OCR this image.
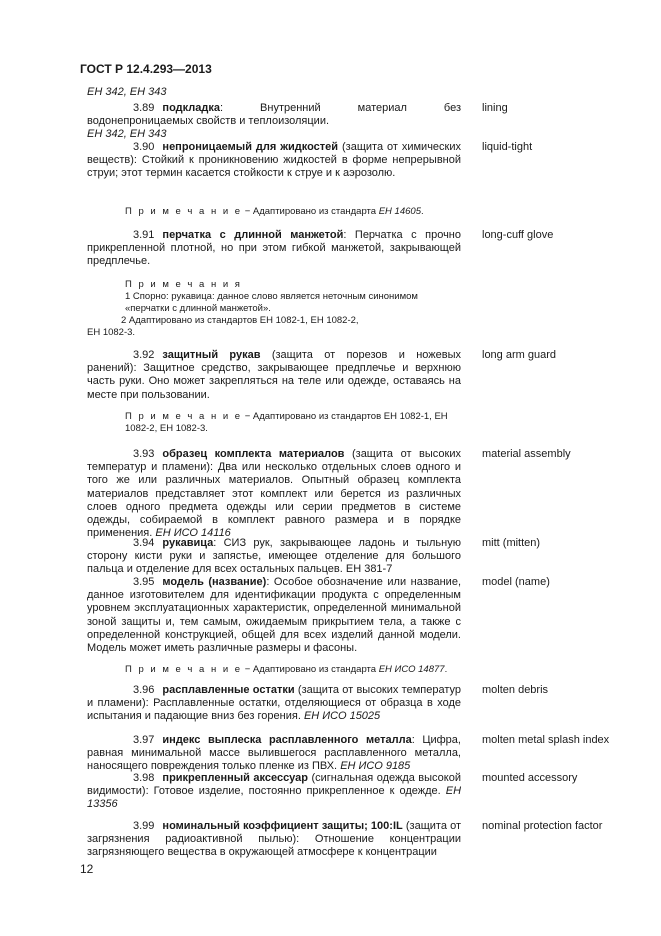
ГОСТ Р 12.4.293—2013
ЕН 342, ЕН 343
3.89 подкладка: Внутренний материал без водонепроницаемых свойств и теплоизоляции.
ЕН 342, ЕН 343
lining
3.90 непроницаемый для жидкостей (защита от химических веществ): Стойкий к проникновению жидкостей в форме непрерывной струи; этот термин касается стойкости к струе и к аэрозолю.
liquid-tight
П р и м е ч а н и е − Адаптировано из стандарта ЕН 14605.
3.91 перчатка с длинной манжетой: Перчатка с прочно прикрепленной плотной, но при этом гибкой манжетой, закрывающей предплечье.
long-cuff glove
П р и м е ч а н и я
1 Спорно: рукавица: данное слово является неточным синонимом «перчатки с длинной манжетой».
2 Адаптировано из стандартов ЕН 1082-1, ЕН 1082-2,
ЕН 1082-3.
3.92 защитный рукав (защита от порезов и ножевых ранений): Защитное средство, закрывающее предплечье и верхнюю часть руки. Оно может закрепляться на теле или одежде, оставаясь на месте при пользовании.
long arm guard
П р и м е ч а н и е − Адаптировано из стандартов ЕН 1082-1, ЕН 1082-2, ЕН 1082-3.
3.93 образец комплекта материалов (защита от высоких температур и пламени): Два или несколько отдельных слоев одного и того же или различных материалов. Опытный образец комплекта материалов представляет этот комплект или берется из различных слоев одного предмета одежды или серии предметов в системе одежды, собираемой в комплект равного размера и в порядке применения. ЕН ИСО 14116
material assembly
3.94 рукавица: СИЗ рук, закрывающее ладонь и тыльную сторону кисти руки и запястье, имеющее отделение для большого пальца и отделение для всех остальных пальцев. ЕН 381-7
mitt (mitten)
3.95 модель (название): Особое обозначение или название, данное изготовителем для идентификации продукта с определенным уровнем эксплуатационных характеристик, определенной минимальной зоной защиты и, тем самым, ожидаемым прикрытием тела, а также с определенной конструкцией, общей для всех изделий данной модели. Модель может иметь различные размеры и фасоны.
model (name)
П р и м е ч а н и е − Адаптировано из стандарта ЕН ИСО 14877.
3.96 расплавленные остатки (защита от высоких температур и пламени): Расплавленные остатки, отделяющиеся от образца в ходе испытания и падающие вниз без горения. ЕН ИСО 15025
molten debris
3.97 индекс выплеска расплавленного металла: Цифра, равная минимальной массе вылившегося расплавленного металла, наносящего повреждения только пленке из ПВХ. ЕН ИСО 9185
molten metal splash index
3.98 прикрепленный аксессуар (сигнальная одежда высокой видимости): Готовое изделие, постоянно прикрепленное к одежде. ЕН 13356
mounted accessory
3.99 номинальный коэффициент защиты; 100:IL (защита от загрязнения радиоактивной пылью): Отношение концентрации загрязняющего вещества в окружающей атмосфере к концентрации
nominal protection factor
12
